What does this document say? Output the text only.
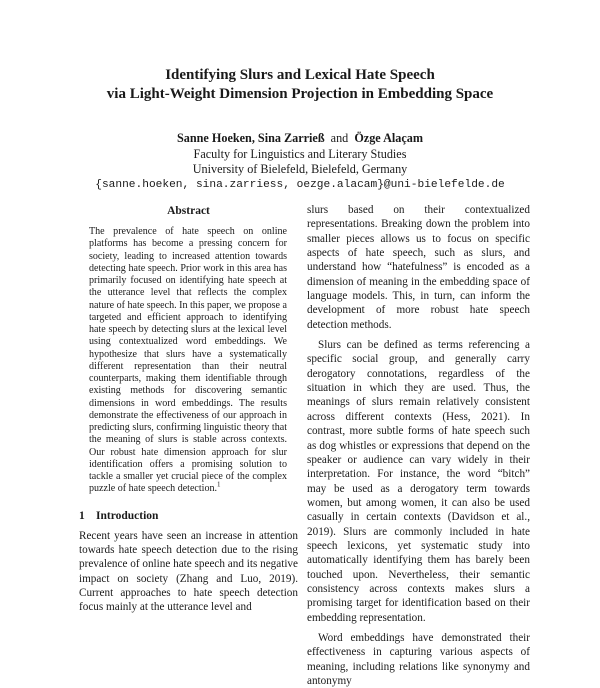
Identifying Slurs and Lexical Hate Speech
via Light-Weight Dimension Projection in Embedding Space
Sanne Hoeken, Sina Zarrieß and Özge Alaçam
Faculty for Linguistics and Literary Studies
University of Bielefeld, Bielefeld, Germany
{sanne.hoeken, sina.zarriess, oezge.alacam}@uni-bielefelde.de
Abstract

The prevalence of hate speech on online platforms has become a pressing concern for society, leading to increased attention towards detecting hate speech. Prior work in this area has primarily focused on identifying hate speech at the utterance level that reflects the complex nature of hate speech. In this paper, we propose a targeted and efficient approach to identifying hate speech by detecting slurs at the lexical level using contextualized word embeddings. We hypothesize that slurs have a systematically different representation than their neutral counterparts, making them identifiable through existing methods for discovering semantic dimensions in word embeddings. The results demonstrate the effectiveness of our approach in predicting slurs, confirming linguistic theory that the meaning of slurs is stable across contexts. Our robust hate dimension approach for slur identification offers a promising solution to tackle a smaller yet crucial piece of the complex puzzle of hate speech detection.$^1$

1 Introduction

Recent years have seen an increase in attention towards hate speech detection due to the rising prevalence of online hate speech and its negative impact on society (Zhang and Luo, 2019). Current approaches to hate speech detection focus mainly at the utterance level and

slurs based on their contextualized representations. Breaking down the problem into smaller pieces allows us to focus on specific aspects of hate speech, such as slurs, and understand how “hatefulness” is encoded as a dimension of meaning in the embedding space of language models. This, in turn, can inform the development of more robust hate speech detection methods.

Slurs can be defined as terms referencing a specific social group, and generally carry derogatory connotations, regardless of the situation in which they are used. Thus, the meanings of slurs remain relatively consistent across different contexts (Hess, 2021). In contrast, more subtle forms of hate speech such as dog whistles or expressions that depend on the speaker or audience can vary widely in their interpretation. For instance, the word “bitch” may be used as a derogatory term towards women, but among women, it can also be used casually in certain contexts (Davidson et al., 2019). Slurs are commonly included in hate speech lexicons, yet systematic study into automatically identifying them has barely been touched upon. Nevertheless, their semantic consistency across contexts makes slurs a promising target for identification based on their embedding representation.

Word embeddings have demonstrated their effectiveness in capturing various aspects of meaning, including relations like synonymy and antonymy
